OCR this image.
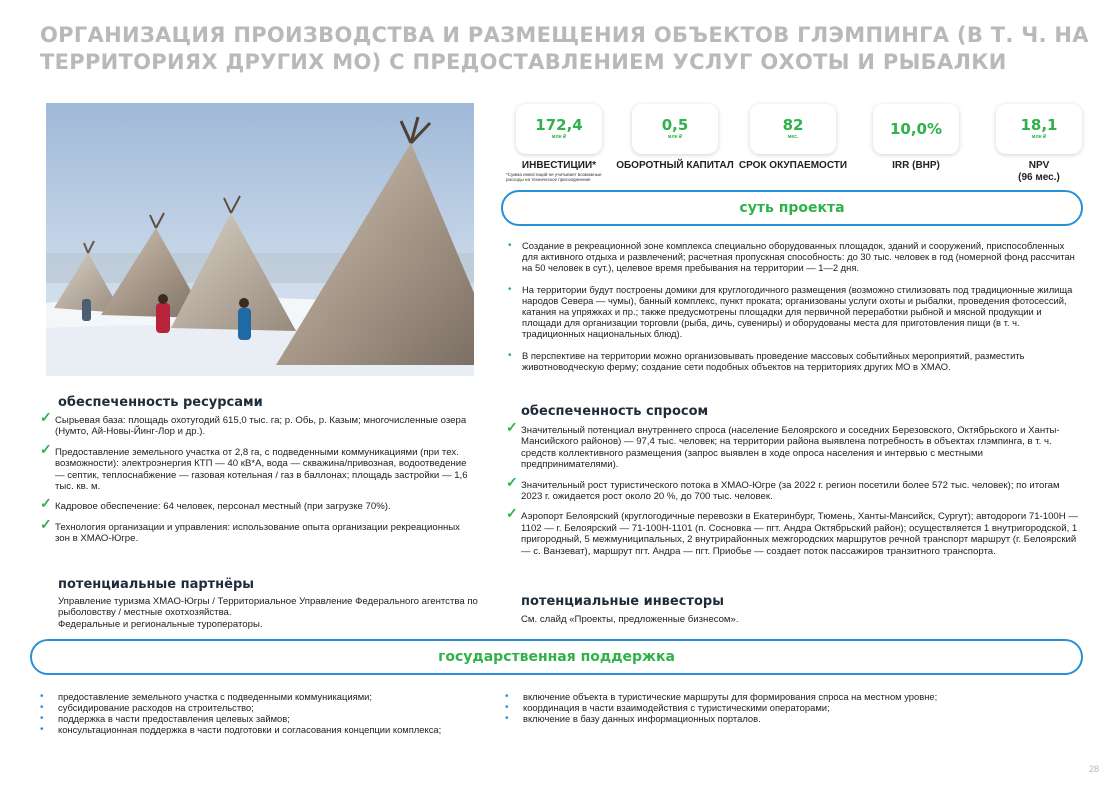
ОРГАНИЗАЦИЯ ПРОИЗВОДСТВА И РАЗМЕЩЕНИЯ ОБЪЕКТОВ ГЛЭМПИНГА (В Т. Ч. НА ТЕРРИТОРИЯХ ДРУГИХ МО) С ПРЕДОСТАВЛЕНИЕМ УСЛУГ ОХОТЫ И РЫБАЛКИ
172,4
млн ₽
ИНВЕСТИЦИИ*
*Сумма инвестиций не учитывает возможные расходы на техническое присоединение
0,5
млн ₽
ОБОРОТНЫЙ КАПИТАЛ
82
мес.
СРОК ОКУПАЕМОСТИ
10,0%
IRR (ВНР)
18,1
млн ₽
NPV
(96 мес.)
суть проекта
• Создание в рекреационной зоне комплекса специально оборудованных площадок, зданий и сооружений, приспособленных для активного отдыха и развлечений; расчетная пропускная способность: до 30 тыс. человек в год (номерной фонд рассчитан на 50 человек в сут.), целевое время пребывания на территории — 1—2 дня.
• На территории будут построены домики для круглогодичного размещения (возможно стилизовать под традиционные жилища народов Севера — чумы), банный комплекс, пункт проката; организованы услуги охоты и рыбалки, проведения фотосессий, катания на упряжках и пр.; также предусмотрены площадки для первичной переработки рыбной и мясной продукции и площади для организации торговли (рыба, дичь, сувениры) и оборудованы места для приготовления пищи (в т. ч. традиционных национальных блюд).
• В перспективе на территории можно организовывать проведение массовых событийных мероприятий, разместить животноводческую ферму; создание сети подобных объектов на территориях других МО в ХМАО.
обеспеченность ресурсами
✓ Сырьевая база: площадь охотугодий 615,0 тыс. га; р. Обь, р. Казым; многочисленные озера (Нумто, Ай-Новы-Йинг-Лор и др.).
✓ Предоставление земельного участка от 2,8 га, с подведенными коммуникациями (при тех. возможности): электроэнергия КТП — 40 кВ*А, вода — скважина/привозная, водоотведение — септик, теплоснабжение — газовая котельная / газ в баллонах; площадь застройки — 1,6 тыс. кв. м.
✓ Кадровое обеспечение: 64 человек, персонал местный (при загрузке 70%).
✓ Технология организации и управления: использование опыта организации рекреационных зон в ХМАО-Югре.
потенциальные партнёры
Управление туризма ХМАО-Югры / Территориальное Управление Федерального агентства по рыболовству / местные охотхозяйства.
Федеральные и региональные туроператоры.
обеспеченность спросом
✓ Значительный потенциал внутреннего спроса (население Белоярского и соседних Березовского, Октябрьского и Ханты-Мансийского районов) — 97,4 тыс. человек; на территории района выявлена потребность в объектах глэмпинга, в т. ч. средств коллективного размещения (запрос выявлен в ходе опроса населения и интервью с местными предпринимателями).
✓ Значительный рост туристического потока в ХМАО-Югре (за 2022 г. регион посетили более 572 тыс. человек); по итогам 2023 г. ожидается рост около 20 %, до 700 тыс. человек.
✓ Аэропорт Белоярский (круглогодичные перевозки в Екатеринбург, Тюмень, Ханты-Мансийск, Сургут); автодороги 71-100Н — 1102 — г. Белоярский — 71-100Н-1101 (п. Сосновка — пгт. Андра Октябрьский район); осуществляется 1 внутригородской, 1 пригородный, 5 межмуниципальных, 2 внутрирайонных межгородских маршрутов речной транспорт маршрут (г. Белоярский — с. Ванзеват), маршрут пгт. Андра — пгт. Приобье — создает поток пассажиров транзитного транспорта.
потенциальные инвесторы
См. слайд «Проекты, предложенные бизнесом».
государственная поддержка
• предоставление земельного участка с подведенными коммуникациями;
• субсидирование расходов на строительство;
• поддержка в части предоставления целевых займов;
• консультационная поддержка в части подготовки и согласования концепции комплекса;
• включение объекта в туристические маршруты для формирования спроса на местном уровне;
• координация в части взаимодействия с туристическими операторами;
• включение в базу данных информационных порталов.
28
